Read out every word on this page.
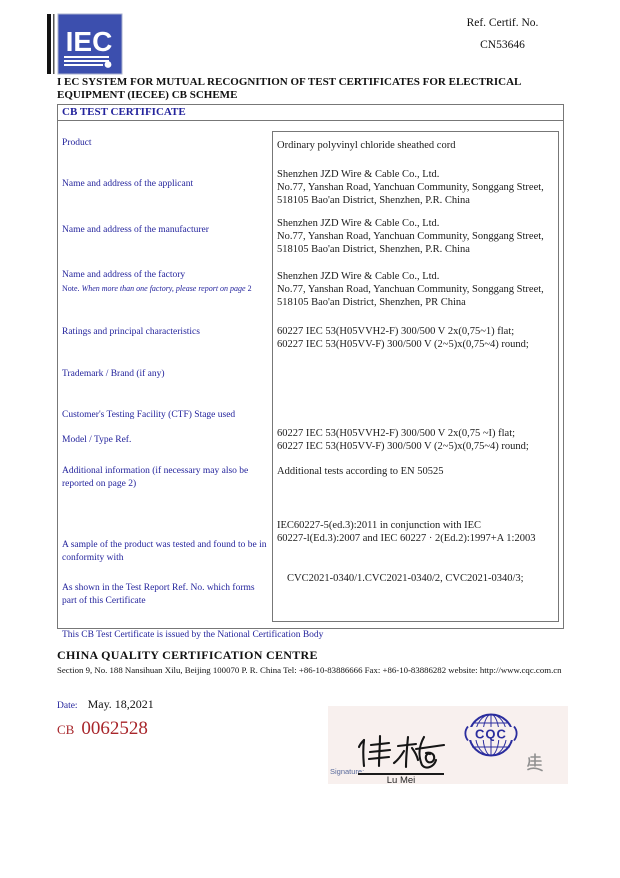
IEC
Ref. Certif. No.
CN53646
I EC SYSTEM FOR MUTUAL RECOGNITION OF TEST CERTIFICATES FOR ELECTRICAL EQUIPMENT (IECEE) CB SCHEME
CB TEST CERTIFICATE
Product
Name and address of the applicant
Name and address of the manufacturer
Name and address of the factory
Note. When more than one factory, please report on page 2
Ratings and principal characteristics
Trademark / Brand (if any)
Customer's Testing Facility (CTF) Stage used
Model / Type Ref.
Additional information (if necessary may also be reported on page 2)
A sample of the product was tested and found to be in conformity with
As shown in the Test Report Ref. No. which forms part of this Certificate
Ordinary polyvinyl chloride sheathed cord
Shenzhen JZD Wire & Cable Co., Ltd.
No.77, Yanshan Road, Yanchuan Community, Songgang Street,
518105 Bao'an District, Shenzhen, P.R. China
Shenzhen JZD Wire & Cable Co., Ltd.
No.77, Yanshan Road, Yanchuan Community, Songgang Street,
518105 Bao'an District, Shenzhen, P.R. China
Shenzhen JZD Wire & Cable Co., Ltd.
No.77, Yanshan Road, Yanchuan Community, Songgang Street,
518105 Bao'an District, Shenzhen, PR China
60227 IEC 53(H05VVH2-F) 300/500 V 2x(0,75~1) flat;
60227 IEC 53(H05VV-F) 300/500 V (2~5)x(0,75~4) round;
60227 IEC 53(H05VVH2-F) 300/500 V 2x(0,75 ~I) flat;
60227 IEC 53(H05VV-F) 300/500 V (2~5)x(0,75~4) round;
Additional tests according to EN 50525
IEC60227-5(ed.3):2011 in conjunction with IEC
60227-l(Ed.3):2007 and IEC 60227 · 2(Ed.2):1997+A 1:2003
CVC2021-0340/1.CVC2021-0340/2, CVC2021-0340/3;
This CB Test Certificate is issued by the National Certification Body
CHINA QUALITY CERTIFICATION CENTRE
Section 9, No. 188 Nansihuan Xilu, Beijing 100070 P. R. China Tel: +86-10-83886666 Fax: +86-10-83886282 website: http://www.cqc.com.cn
Date: May. 18,2021
CB 0062528	CQC
Signature:
Lu Mei
